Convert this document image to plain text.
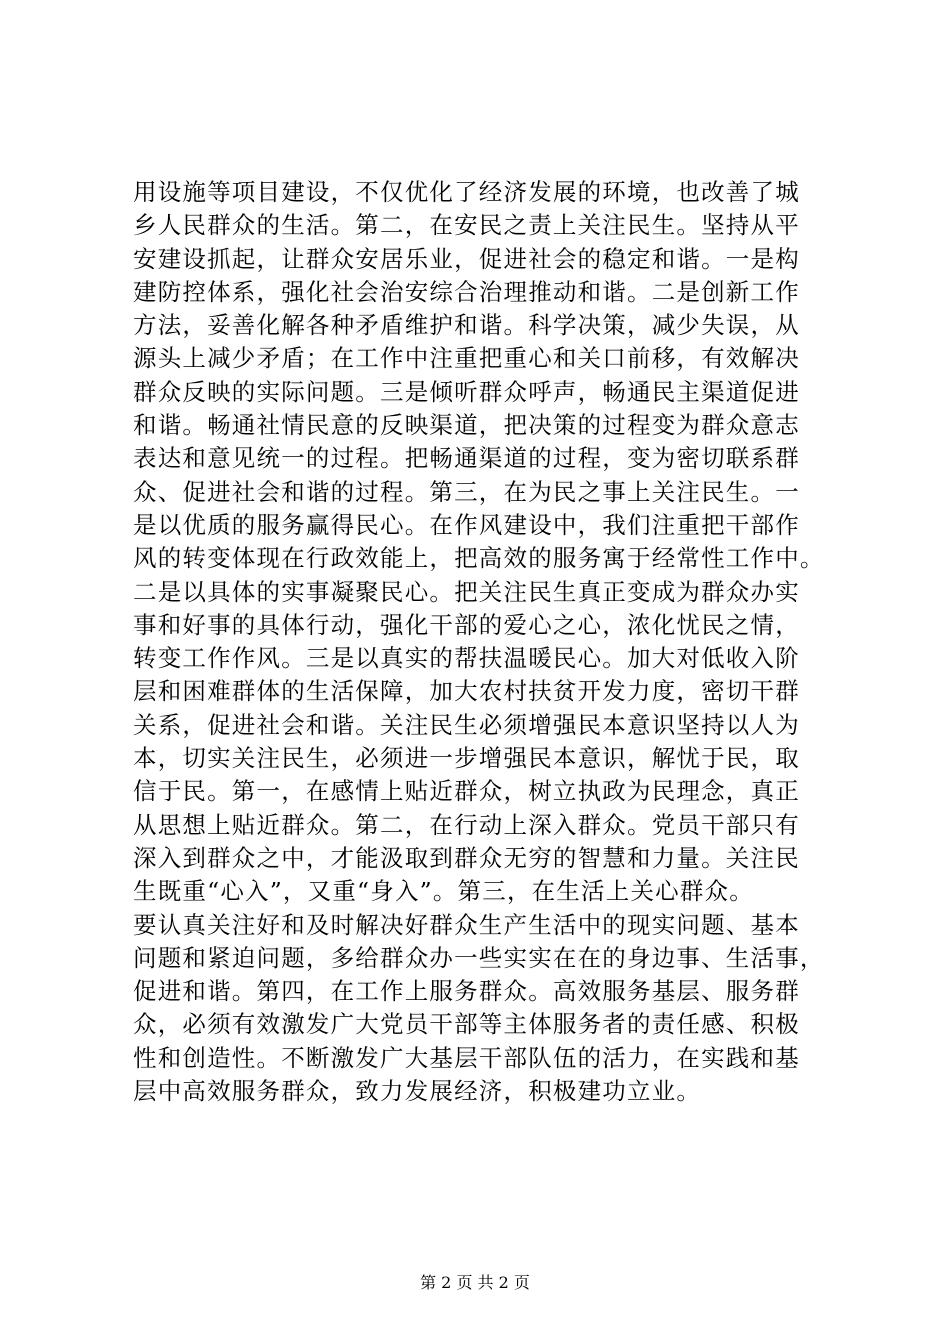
用设施等项目建设，不仅优化了经济发展的环境，也改善了城
乡人民群众的生活。第二，在安民之责上关注民生。坚持从平
安建设抓起，让群众安居乐业，促进社会的稳定和谐。一是构
建防控体系，强化社会治安综合治理推动和谐。二是创新工作
方法，妥善化解各种矛盾维护和谐。科学决策，减少失误，从
源头上减少矛盾；在工作中注重把重心和关口前移，有效解决
群众反映的实际问题。三是倾听群众呼声，畅通民主渠道促进
和谐。畅通社情民意的反映渠道，把决策的过程变为群众意志
表达和意见统一的过程。把畅通渠道的过程，变为密切联系群
众、促进社会和谐的过程。第三，在为民之事上关注民生。一
是以优质的服务赢得民心。在作风建设中，我们注重把干部作
风的转变体现在行政效能上，把高效的服务寓于经常性工作中。
二是以具体的实事凝聚民心。把关注民生真正变成为群众办实
事和好事的具体行动，强化干部的爱心之心，浓化忧民之情，
转变工作作风。三是以真实的帮扶温暖民心。加大对低收入阶
层和困难群体的生活保障，加大农村扶贫开发力度，密切干群
关系，促进社会和谐。关注民生必须增强民本意识坚持以人为
本，切实关注民生，必须进一步增强民本意识，解忧于民，取
信于民。第一，在感情上贴近群众，树立执政为民理念，真正
从思想上贴近群众。第二，在行动上深入群众。党员干部只有
深入到群众之中，才能汲取到群众无穷的智慧和力量。关注民
生既重“心入”，又重“身入”。第三，在生活上关心群众。
要认真关注好和及时解决好群众生产生活中的现实问题、基本
问题和紧迫问题，多给群众办一些实实在在的身边事、生活事，
促进和谐。第四，在工作上服务群众。高效服务基层、服务群
众，必须有效激发广大党员干部等主体服务者的责任感、积极
性和创造性。不断激发广大基层干部队伍的活力，在实践和基
层中高效服务群众，致力发展经济，积极建功立业。
第 2 页 共 2 页
